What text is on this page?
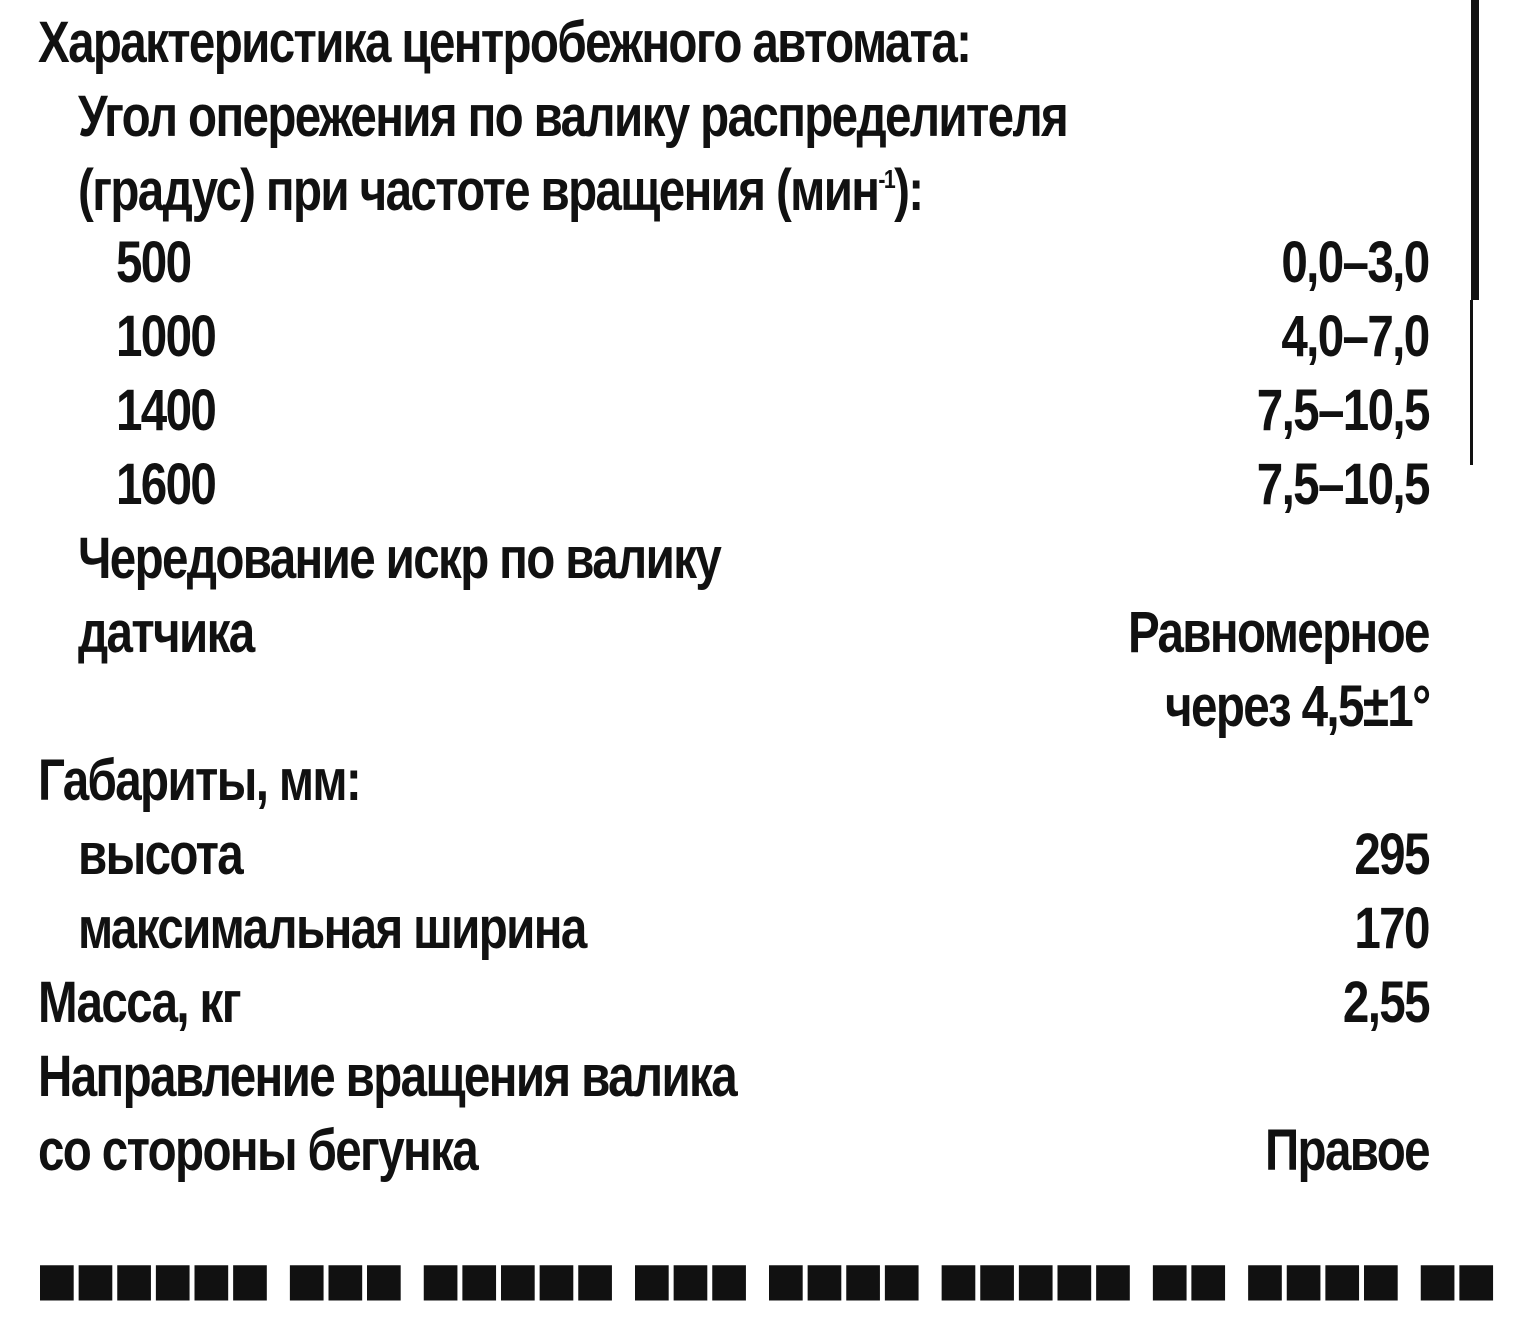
Характеристика центробежного автомата:
Угол опережения по валику распределителя
(градус) при частоте вращения (мин$^{-1}$):
500	0,0–3,0
1000	4,0–7,0
1400	7,5–10,5
1600	7,5–10,5
Чередование искр по валику
датчика	Равномерное
через 4,5±1°
Габариты, мм:
высота	295
максимальная ширина	170
Масса, кг	2,55
Направление вращения валика
со стороны бегунка	Правое
▀▀▀▀▀▀ ▀▀▀ ▀▀▀▀▀ ▀▀▀ ▀▀▀▀ ▀▀▀▀▀ ▀▀ ▀▀▀▀ ▀▀
